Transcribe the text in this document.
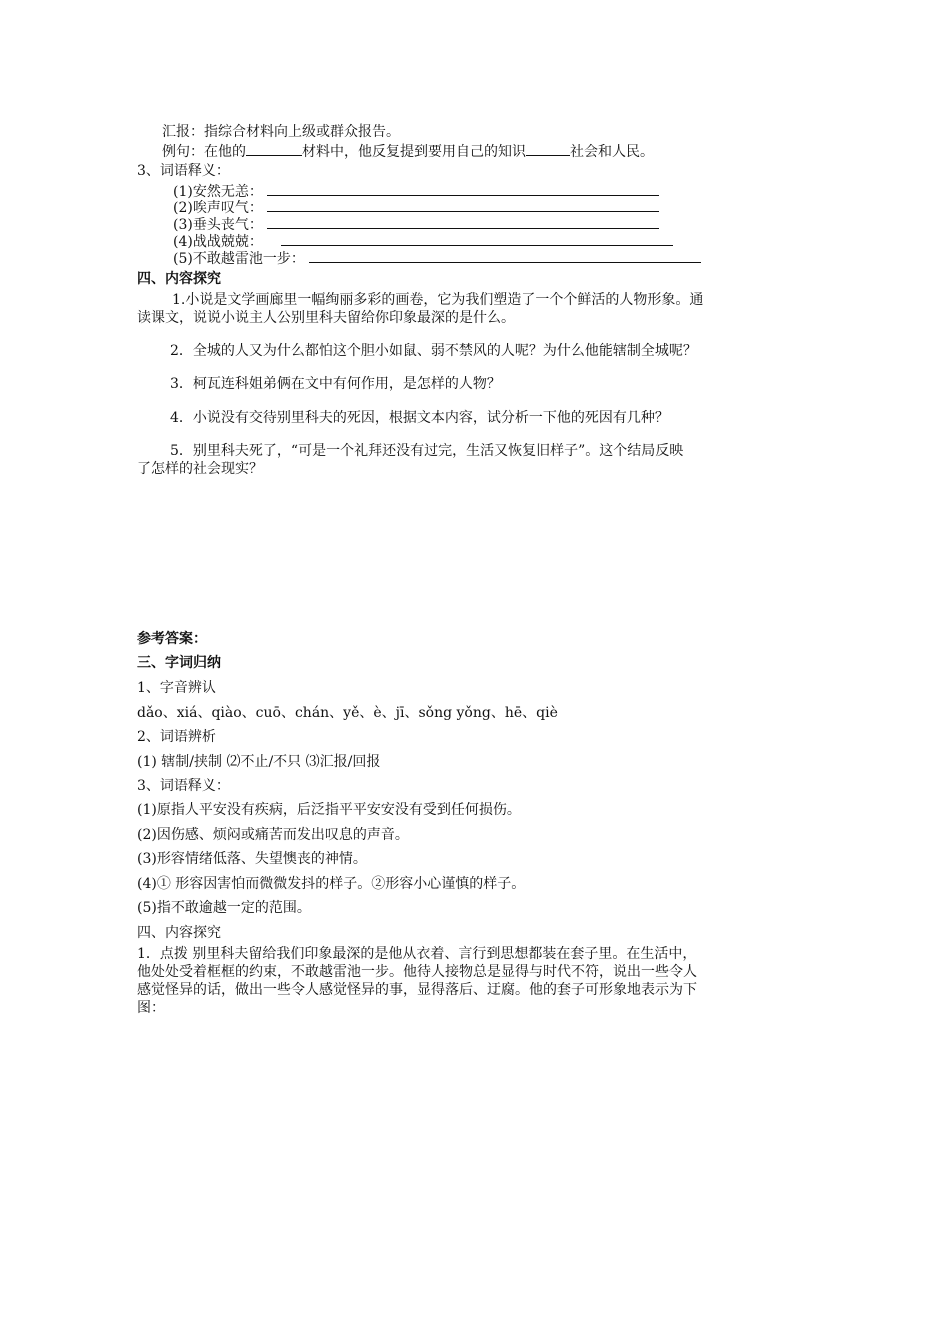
汇报：指综合材料向上级或群众报告。
例句：在他的	材料中，他反复提到要用自己的知识	社会和人民。
3、词语释义：
(1)安然无恙：
(2)唉声叹气：
(3)垂头丧气：
(4)战战兢兢：
(5)不敢越雷池一步：
四、内容探究
1.小说是文学画廊里一幅绚丽多彩的画卷，它为我们塑造了一个个鲜活的人物形象。通
读课文，说说小说主人公别里科夫留给你印象最深的是什么。
2．全城的人又为什么都怕这个胆小如鼠、弱不禁风的人呢？为什么他能辖制全城呢？
3．柯瓦连科姐弟俩在文中有何作用，是怎样的人物？
4．小说没有交待别里科夫的死因，根据文本内容，试分析一下他的死因有几种？
5．别里科夫死了，“可是一个礼拜还没有过完，生活又恢复旧样子”。这个结局反映
了怎样的社会现实？
参考答案：
三、字词归纳
1、字音辨认
dǎo、xiá、qiào、cuō、chán、yě、è、jī、sǒng yǒng、hē、qiè
2、词语辨析
(1) 辖制/挟制 ⑵不止/不只 ⑶汇报/回报
3、词语释义：
(1)原指人平安没有疾病，后泛指平平安安没有受到任何损伤。
(2)因伤感、烦闷或痛苦而发出叹息的声音。
(3)形容情绪低落、失望懊丧的神情。
(4)① 形容因害怕而微微发抖的样子。②形容小心谨慎的样子。
(5)指不敢逾越一定的范围。
四、内容探究
1．点拨 别里科夫留给我们印象最深的是他从衣着、言行到思想都装在套子里。在生活中，
他处处受着框框的约束，不敢越雷池一步。他待人接物总是显得与时代不符，说出一些令人
感觉怪异的话，做出一些令人感觉怪异的事，显得落后、迂腐。他的套子可形象地表示为下
图：
